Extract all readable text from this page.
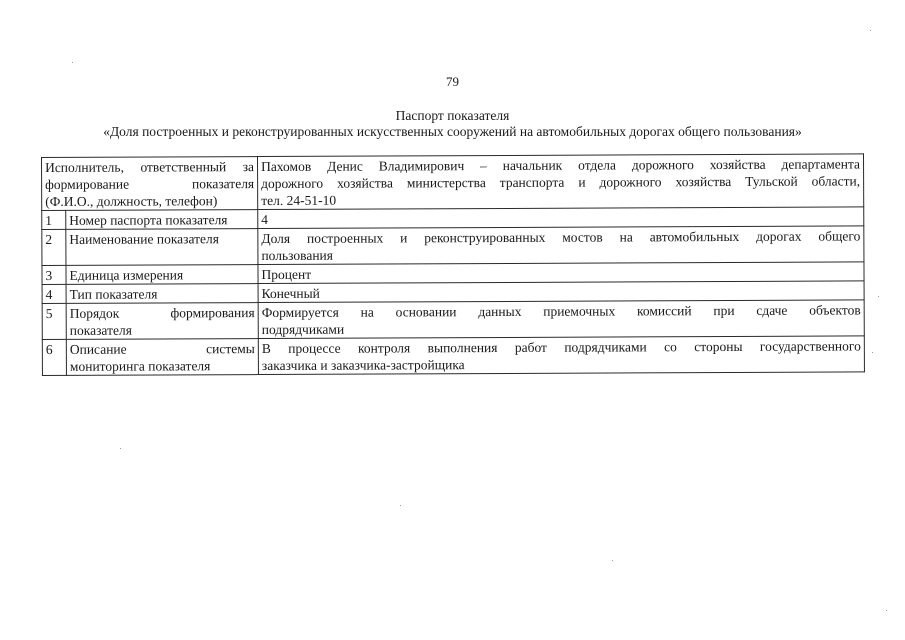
79
Паспорт показателя
«Доля построенных и реконструированных искусственных сооружений на автомобильных дорогах общего пользования»
Исполнитель, ответственный за
формирование показателя
(Ф.И.О., должность, телефон)		Пахомов Денис Владимирович – начальник отдела дорожного хозяйства департамента
дорожного хозяйства министерства транспорта и дорожного хозяйства Тульской области,
тел. 24-51-10

1	Номер паспорта показателя	4

2	Наименование показателя	Доля построенных и реконструированных мостов на автомобильных дорогах общего
пользования

3	Единица измерения	Процент

4	Тип показателя	Конечный

5	Порядок формирования
показателя	Формируется на основании данных приемочных комиссий при сдаче объектов
подрядчиками

6	Описание системы
мониторинга показателя	В процессе контроля выполнения работ подрядчиками со стороны государственного
заказчика и заказчика-застройщика
